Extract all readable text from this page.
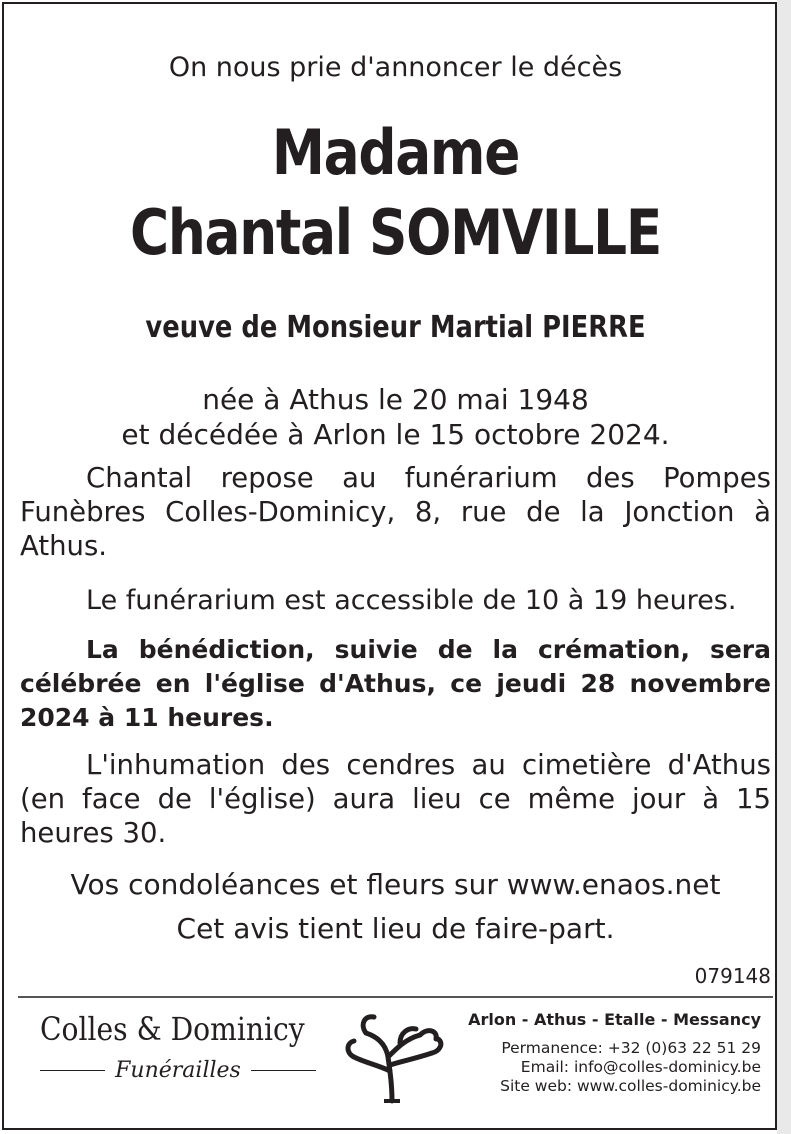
On nous prie d'annoncer le décès
Madame
Chantal SOMVILLE
veuve de Monsieur Martial PIERRE
née à Athus le 20 mai 1948
et décédée à Arlon le 15 octobre 2024.
Chantal repose au funérarium des Pompes Funèbres Colles-Dominicy, 8, rue de la Jonction à Athus.
Le funérarium est accessible de 10 à 19 heures.
La bénédiction, suivie de la crémation, sera célébrée en l'église d'Athus, ce jeudi 28 novembre 2024 à 11 heures.
L'inhumation des cendres au cimetière d'Athus (en face de l'église) aura lieu ce même jour à 15 heures 30.
Vos condoléances et fleurs sur www.enaos.net
Cet avis tient lieu de faire-part.
079148
Colles & Dominicy
Funérailles
Arlon - Athus - Etalle - Messancy
Permanence: +32 (0)63 22 51 29
Email: info@colles-dominicy.be
Site web: www.colles-dominicy.be
